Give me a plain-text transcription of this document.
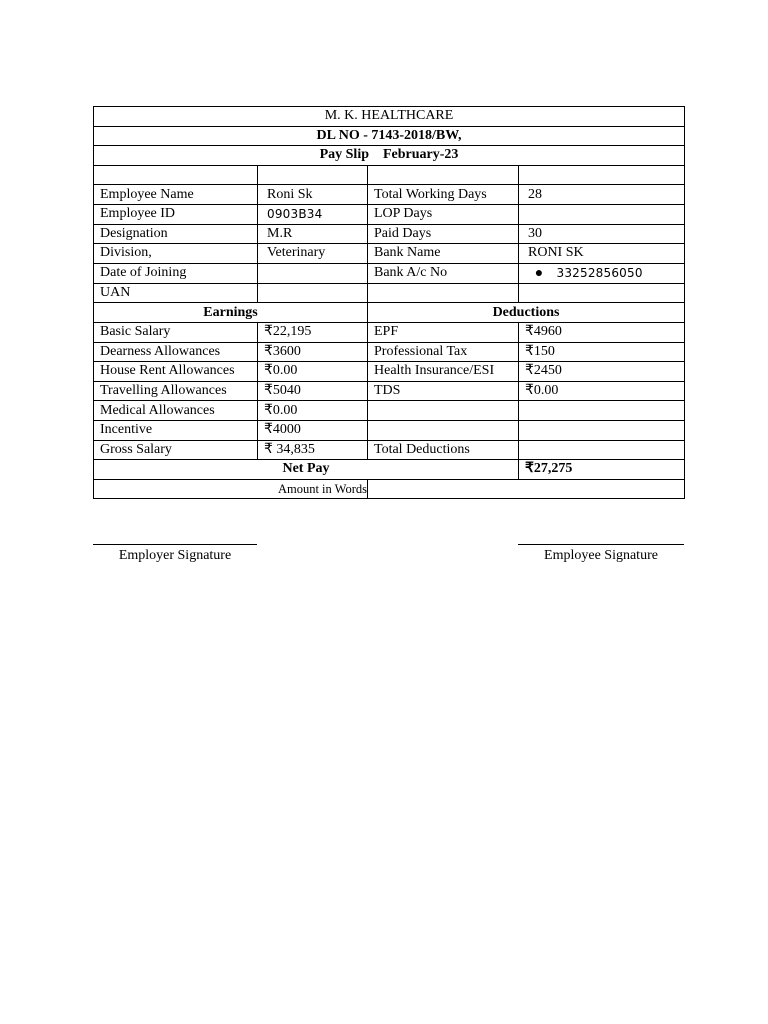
M. K. HEALTHCARE			
DL NO - 7143-2018/BW,			
Pay Slip February-23			

Employee Name	Roni Sk	Total Working Days	28
Employee ID	0903B34	LOP Days	
Designation	M.R	Paid Days	30
Division,	Veterinary	Bank Name	RONI SK
Date of Joining		Bank A/c No	● 33252856050
UAN			
Earnings		Deductions	
Basic Salary	₹22,195	EPF	₹4960
Dearness Allowances	₹3600	Professional Tax	₹150
House Rent Allowances	₹0.00	Health Insurance/ESI	₹2450
Travelling Allowances	₹5040	TDS	₹0.00
Medical Allowances	₹0.00		
Incentive	₹4000		
Gross Salary	₹ 34,835	Total Deductions	
Net Pay			₹27,275
Amount in Words			
Employer Signature	Employee Signature
